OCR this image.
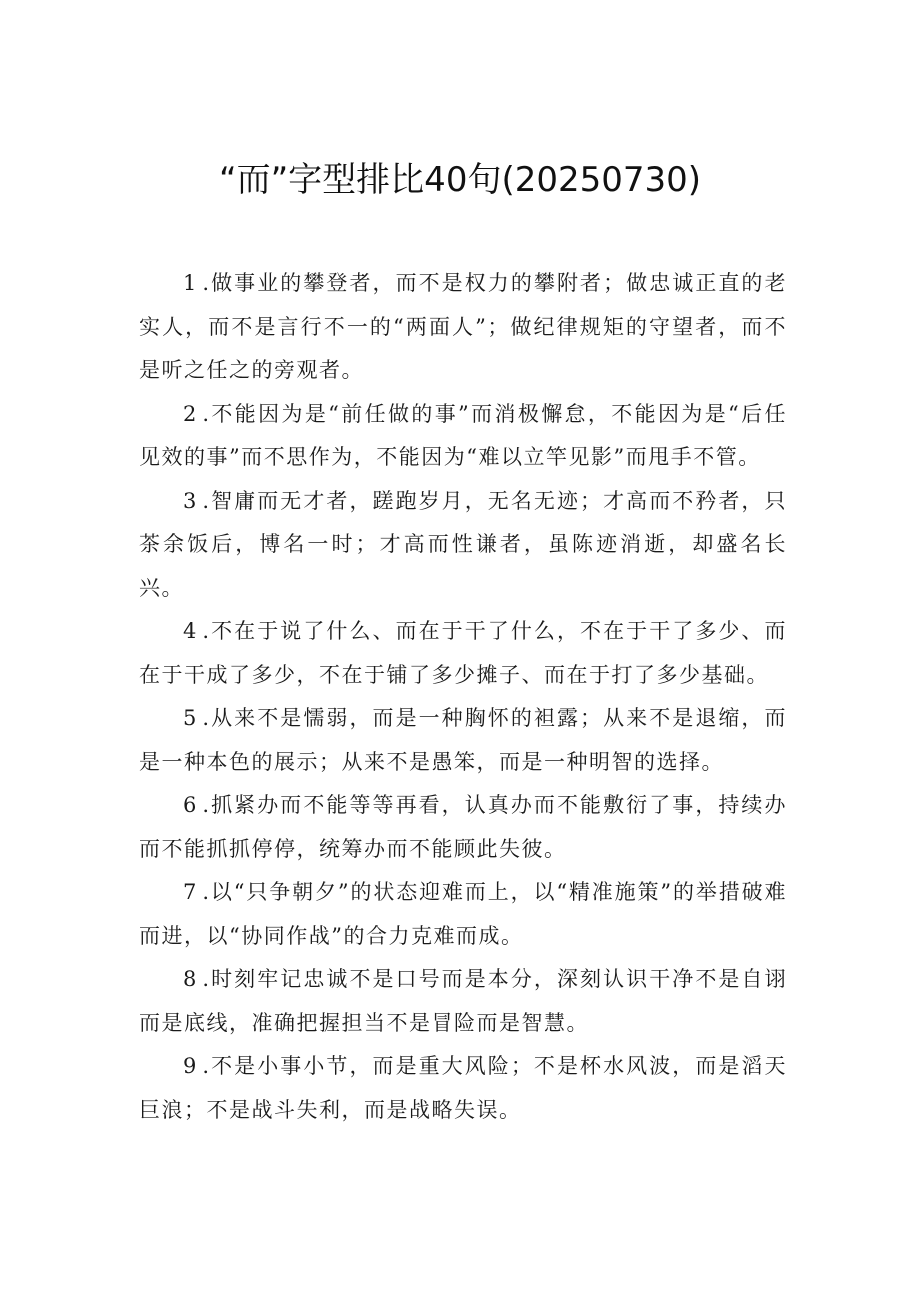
“而”字型排比40句(20250730)

1.做事业的攀登者，而不是权力的攀附者；做忠诚正直的老实人，而不是言行不一的“两面人”；做纪律规矩的守望者，而不是听之任之的旁观者。

2.不能因为是“前任做的事”而消极懈怠，不能因为是“后任见效的事”而不思作为，不能因为“难以立竿见影”而甩手不管。

3.智庸而无才者，蹉跑岁月，无名无迹；才高而不矜者，只茶余饭后，博名一时；才高而性谦者，虽陈迹消逝，却盛名长兴。

4.不在于说了什么、而在于干了什么，不在于干了多少、而在于干成了多少，不在于铺了多少摊子、而在于打了多少基础。

5.从来不是懦弱，而是一种胸怀的袒露；从来不是退缩，而是一种本色的展示；从来不是愚笨，而是一种明智的选择。

6.抓紧办而不能等等再看，认真办而不能敷衍了事，持续办而不能抓抓停停，统筹办而不能顾此失彼。

7.以“只争朝夕”的状态迎难而上，以“精准施策”的举措破难而进，以“协同作战”的合力克难而成。

8.时刻牢记忠诚不是口号而是本分，深刻认识干净不是自诩而是底线，准确把握担当不是冒险而是智慧。

9.不是小事小节，而是重大风险；不是杯水风波，而是滔天巨浪；不是战斗失利，而是战略失误。
